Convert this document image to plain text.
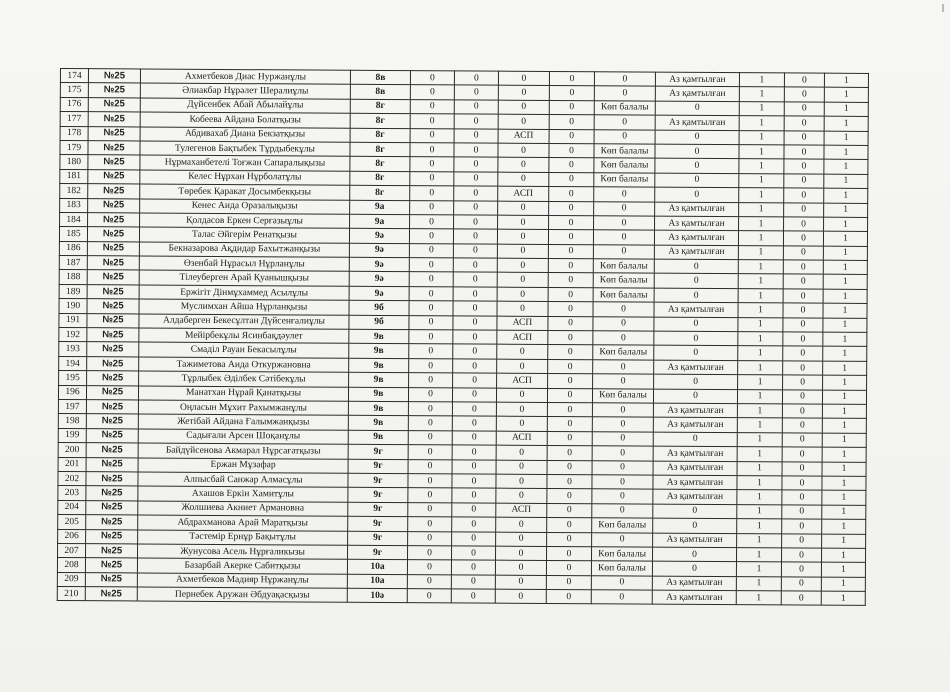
174	№25	Ахметбеков Диас Нуржанұлы	8в	0	0	0	0	0	Аз қамтылған	1	0	1
175	№25	Әлиакбар Нұрәлет Шералиұлы	8в	0	0	0	0	0	Аз қамтылған	1	0	1
176	№25	Дүйсенбек Абай Абылайұлы	8г	0	0	0	0	Көп балалы	0	1	0	1
177	№25	Кобеева Айдана Болатқызы	8г	0	0	0	0	0	Аз қамтылған	1	0	1
178	№25	Абдивахаб Диана Бекзатқызы	8г	0	0	АСП	0	0	0	1	0	1
179	№25	Тулегенов Бақтыбек Тұрдыбекұлы	8г	0	0	0	0	Көп балалы	0	1	0	1
180	№25	Нұрмаханбетелі Тоғжан Сапаралықызы	8г	0	0	0	0	Көп балалы	0	1	0	1
181	№25	Келес Нұрхан Нұрболатұлы	8г	0	0	0	0	Көп балалы	0	1	0	1
182	№25	Төребек Қаракат Досымбекқызы	8г	0	0	АСП	0	0	0	1	0	1
183	№25	Кенес Аида Оразалықызы	9а	0	0	0	0	0	Аз қамтылған	1	0	1
184	№25	Қолдасов Еркен Серғазыұлы	9а	0	0	0	0	0	Аз қамтылған	1	0	1
185	№25	Талас Әйгерім Ренатқызы	9ә	0	0	0	0	0	Аз қамтылған	1	0	1
186	№25	Бекназарова Ақдидар Бахытжанқызы	9ә	0	0	0	0	0	Аз қамтылған	1	0	1
187	№25	Өзенбай Нұрасыл Нұрланұлы	9ә	0	0	0	0	Көп балалы	0	1	0	1
188	№25	Тілеуберген Арай Қуанышқызы	9ә	0	0	0	0	Көп балалы	0	1	0	1
189	№25	Ержігіт Дінмұхаммед Асылұлы	9ә	0	0	0	0	Көп балалы	0	1	0	1
190	№25	Муслимхан Айша Нұрланқызы	9б	0	0	0	0	0	Аз қамтылған	1	0	1
191	№25	Алдаберген Бекесұлтан Дүйсенғалиұлы	9б	0	0	АСП	0	0	0	1	0	1
192	№25	Мейірбекұлы Ясинбақдәулет	9в	0	0	АСП	0	0	0	1	0	1
193	№25	Смаділ Рауан Бекасылұлы	9в	0	0	0	0	Көп балалы	0	1	0	1
194	№25	Тажиметова Аида Откуржановна	9в	0	0	0	0	0	Аз қамтылған	1	0	1
195	№25	Тұрлыбек Әділбек Сәтібекұлы	9в	0	0	АСП	0	0	0	1	0	1
196	№25	Манатхан Нұрай Қанатқызы	9в	0	0	0	0	Көп балалы	0	1	0	1
197	№25	Оңласын Мұхит Рахымжанұлы	9в	0	0	0	0	0	Аз қамтылған	1	0	1
198	№25	Жетібай Айдана Ғалымжанқызы	9в	0	0	0	0	0	Аз қамтылған	1	0	1
199	№25	Садығали Арсен Шоқанұлы	9в	0	0	АСП	0	0	0	1	0	1
200	№25	Байдүйсенова Акмарал Нұрсағатқызы	9г	0	0	0	0	0	Аз қамтылған	1	0	1
201	№25	Ержан Мұзафар	9г	0	0	0	0	0	Аз қамтылған	1	0	1
202	№25	Алпысбай Санжар Алмасұлы	9г	0	0	0	0	0	Аз қамтылған	1	0	1
203	№25	Ахашов Еркін Хамитұлы	9г	0	0	0	0	0	Аз қамтылған	1	0	1
204	№25	Жолшиева Акниет Армановна	9г	0	0	АСП	0	0	0	1	0	1
205	№25	Абдрахманова Арай Маратқызы	9г	0	0	0	0	Көп балалы	0	1	0	1
206	№25	Тәстемір Ернұр Бақытұлы	9г	0	0	0	0	0	Аз қамтылған	1	0	1
207	№25	Жунусова Асель Нұрғаликызы	9г	0	0	0	0	Көп балалы	0	1	0	1
208	№25	Базарбай Акерке Сабитқызы	10а	0	0	0	0	Көп балалы	0	1	0	1
209	№25	Ахметбеков Мадияр Нұржанұлы	10а	0	0	0	0	0	Аз қамтылған	1	0	1
210	№25	Пернебек Аружан Әбдуақасқызы	10ә	0	0	0	0	0	Аз қамтылған	1	0	1
